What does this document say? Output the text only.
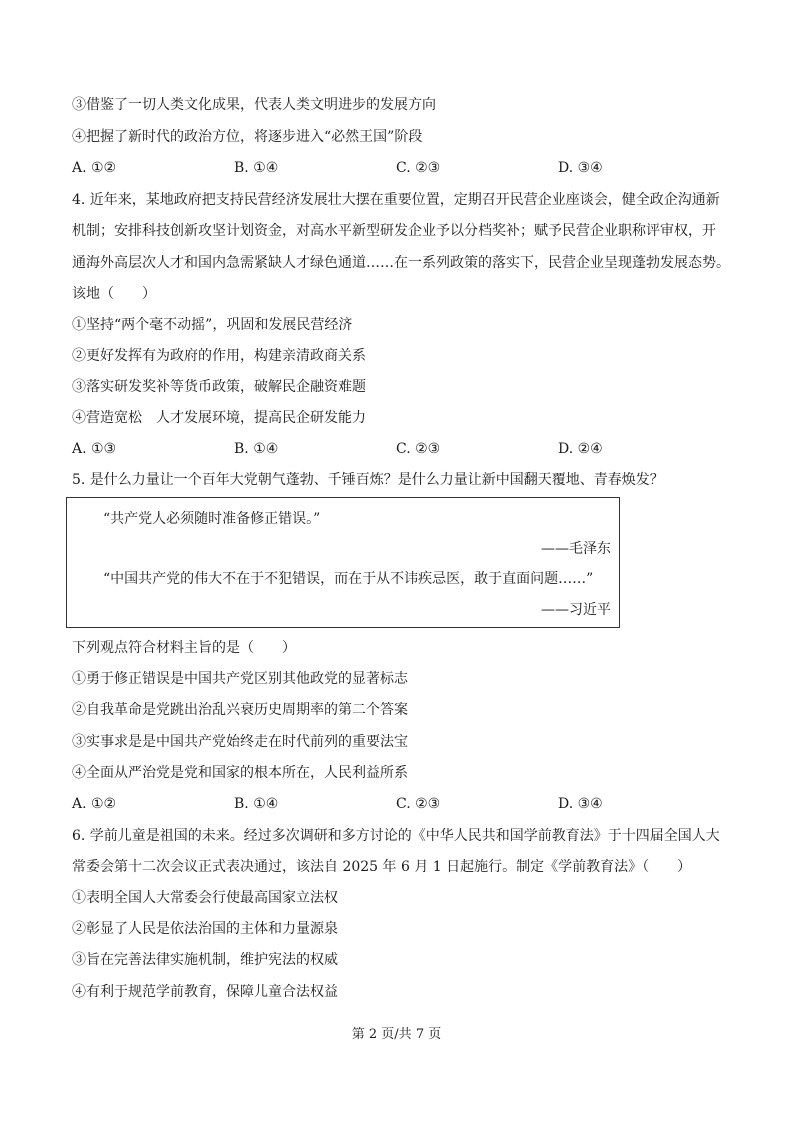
③借鉴了一切人类文化成果，代表人类文明进步的发展方向
④把握了新时代的政治方位，将逐步进入“必然王国”阶段
A. ①②	B. ①④	C. ②③	D. ③④
4. 近年来，某地政府把支持民营经济发展壮大摆在重要位置，定期召开民营企业座谈会，健全政企沟通新
机制；安排科技创新攻坚计划资金，对高水平新型研发企业予以分档奖补；赋予民营企业职称评审权，开
通海外高层次人才和国内急需紧缺人才绿色通道……在一系列政策的落实下，民营企业呈现蓬勃发展态势。
该地（　　）
①坚持“两个毫不动摇”，巩固和发展民营经济
②更好发挥有为政府的作用，构建亲清政商关系
③落实研发奖补等货币政策，破解民企融资难题
④营造宽松　人才发展环境，提高民企研发能力
A. ①③	B. ①④	C. ②③	D. ②④
5. 是什么力量让一个百年大党朝气蓬勃、千锤百炼？是什么力量让新中国翻天覆地、青春焕发？
“共产党人必须随时准备修正错误。”
——毛泽东
“中国共产党的伟大不在于不犯错误，而在于从不讳疾忌医，敢于直面问题……”
——习近平
下列观点符合材料主旨的是（　　）
①勇于修正错误是中国共产党区别其他政党的显著标志
②自我革命是党跳出治乱兴衰历史周期率的第二个答案
③实事求是是中国共产党始终走在时代前列的重要法宝
④全面从严治党是党和国家的根本所在，人民利益所系
A. ①②	B. ①④	C. ②③	D. ③④
6. 学前儿童是祖国的未来。经过多次调研和多方讨论的《中华人民共和国学前教育法》于十四届全国人大
常委会第十二次会议正式表决通过，该法自 2025 年 6 月 1 日起施行。制定《学前教育法》（　　）
①表明全国人大常委会行使最高国家立法权
②彰显了人民是依法治国的主体和力量源泉
③旨在完善法律实施机制，维护宪法的权威
④有利于规范学前教育，保障儿童合法权益
第 2 页/共 7 页
